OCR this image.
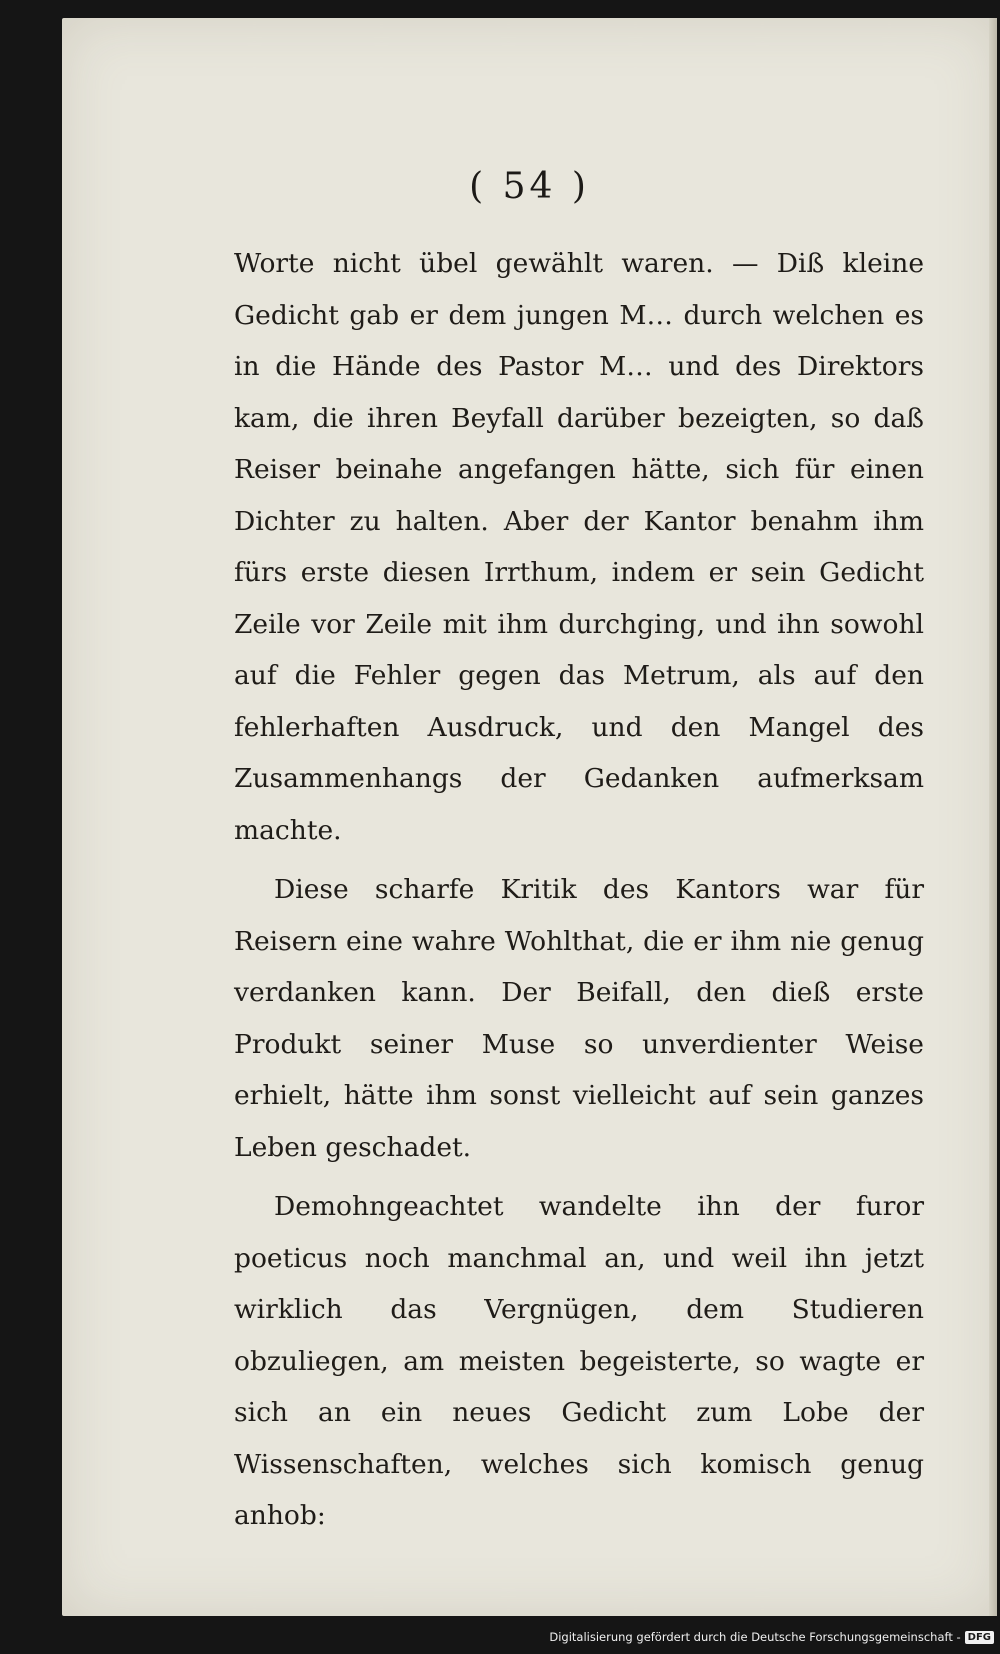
( 54 )

Worte nicht übel gewählt waren. — Diß kleine Gedicht gab er dem jungen M… durch welchen es in die Hände des Pastor M… und des Direktors kam, die ihren Beyfall darüber bezeigten, so daß Reiser beinahe angefangen hätte, sich für einen Dichter zu halten. Aber der Kantor benahm ihm fürs erste diesen Irrthum, indem er sein Gedicht Zeile vor Zeile mit ihm durchging, und ihn sowohl auf die Fehler gegen das Metrum, als auf den fehlerhaften Ausdruck, und den Mangel des Zusammenhangs der Gedanken aufmerksam machte.

Diese scharfe Kritik des Kantors war für Reisern eine wahre Wohlthat, die er ihm nie genug verdanken kann. Der Beifall, den dieß erste Produkt seiner Muse so unverdienter Weise erhielt, hätte ihm sonst vielleicht auf sein ganzes Leben geschadet.

Demohngeachtet wandelte ihn der furor poeticus noch manchmal an, und weil ihn jetzt wirklich das Vergnügen, dem Studieren obzuliegen, am meisten begeisterte, so wagte er sich an ein neues Gedicht zum Lobe der Wissenschaften, welches sich komisch genug anhob:

Digitalisierung gefördert durch die Deutsche Forschungsgemeinschaft - DFG
